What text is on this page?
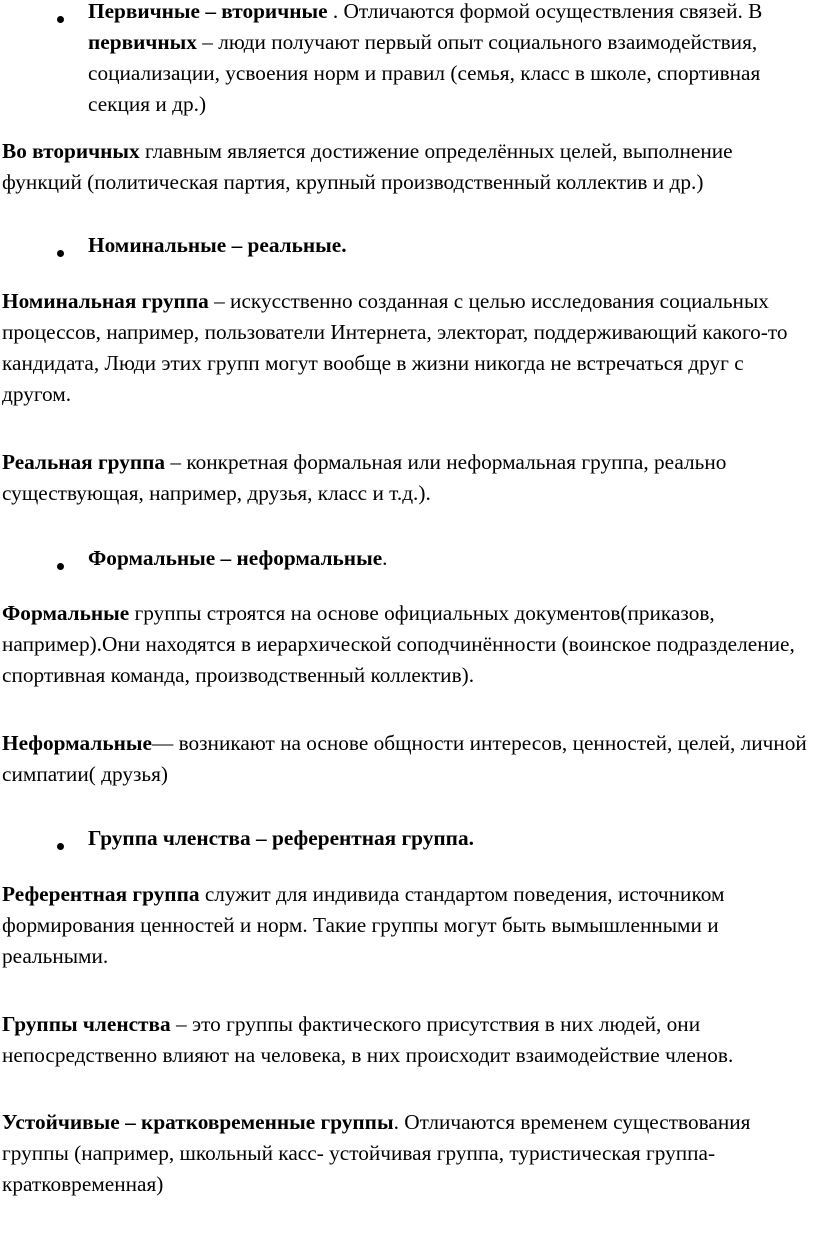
Первичные – вторичные . Отличаются формой осуществления связей. В первичных – люди получают первый опыт социального взаимодействия, социализации, усвоения норм и правил (семья, класс в школе, спортивная секция и др.)

Во вторичных главным является достижение определённых целей, выполнение функций (политическая партия, крупный производственный коллектив и др.)

Номинальные – реальные.

Номинальная группа – искусственно созданная с целью исследования социальных процессов, например, пользователи Интернета, электорат, поддерживающий какого-то кандидата, Люди этих групп могут вообще в жизни никогда не встречаться друг с другом.

Реальная группа – конкретная формальная или неформальная группа, реально существующая, например, друзья, класс и т.д.).

Формальные – неформальные.

Формальные группы строятся на основе официальных документов(приказов, например).Они находятся в иерархической соподчинённости (воинское подразделение, спортивная команда, производственный коллектив).

Неформальные— возникают на основе общности интересов, ценностей, целей, личной симпатии( друзья)

Группа членства – референтная группа.

Референтная группа служит для индивида стандартом поведения, источником формирования ценностей и норм. Такие группы могут быть вымышленными и реальными.

Группы членства – это группы фактического присутствия в них людей, они непосредственно влияют на человека, в них происходит взаимодействие членов.

Устойчивые – кратковременные группы. Отличаются временем существования группы (например, школьный касс- устойчивая группа, туристическая группа- кратковременная)
